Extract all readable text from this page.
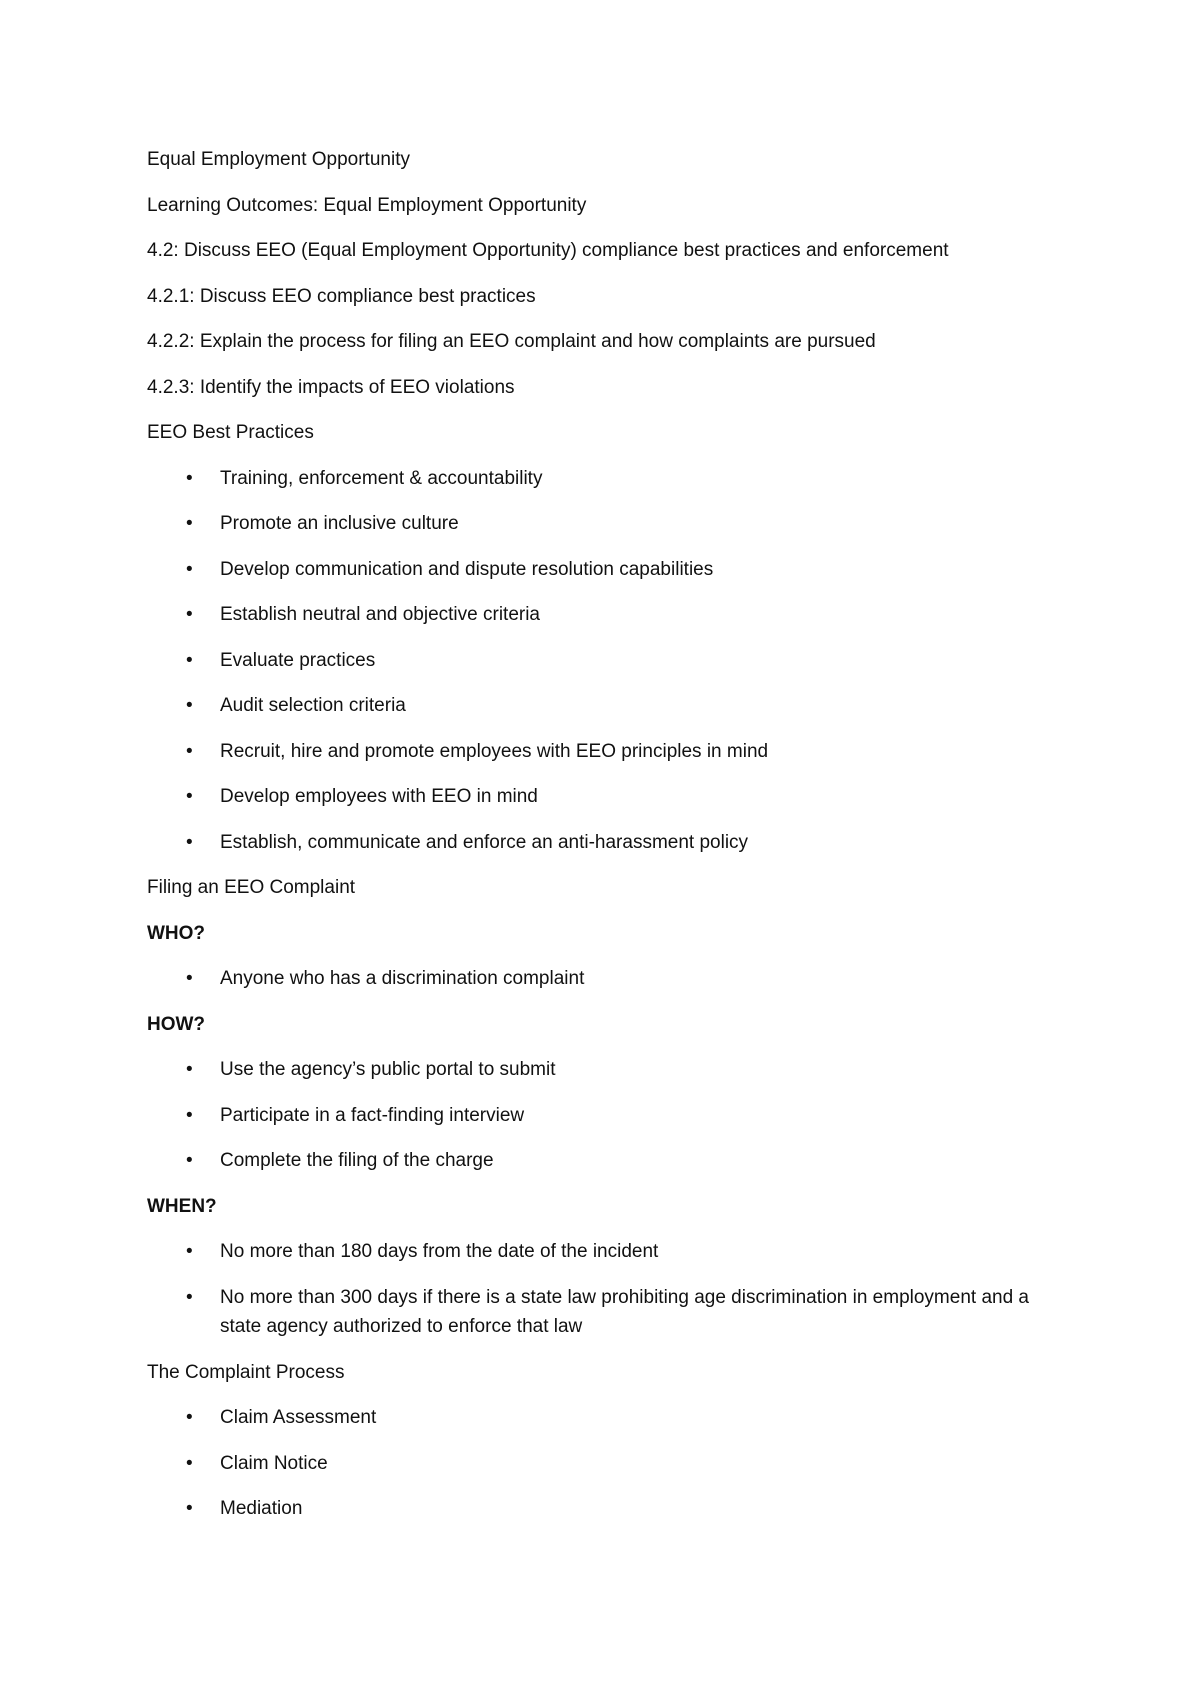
Equal Employment Opportunity
Learning Outcomes: Equal Employment Opportunity
4.2: Discuss EEO (Equal Employment Opportunity) compliance best practices and enforcement
4.2.1: Discuss EEO compliance best practices
4.2.2: Explain the process for filing an EEO complaint and how complaints are pursued
4.2.3: Identify the impacts of EEO violations
EEO Best Practices
• Training, enforcement & accountability
• Promote an inclusive culture
• Develop communication and dispute resolution capabilities
• Establish neutral and objective criteria
• Evaluate practices
• Audit selection criteria
• Recruit, hire and promote employees with EEO principles in mind
• Develop employees with EEO in mind
• Establish, communicate and enforce an anti-harassment policy
Filing an EEO Complaint
WHO?
• Anyone who has a discrimination complaint
HOW?
• Use the agency’s public portal to submit
• Participate in a fact-finding interview
• Complete the filing of the charge
WHEN?
• No more than 180 days from the date of the incident
• No more than 300 days if there is a state law prohibiting age discrimination in employment and a state agency authorized to enforce that law
The Complaint Process
• Claim Assessment
• Claim Notice
• Mediation
